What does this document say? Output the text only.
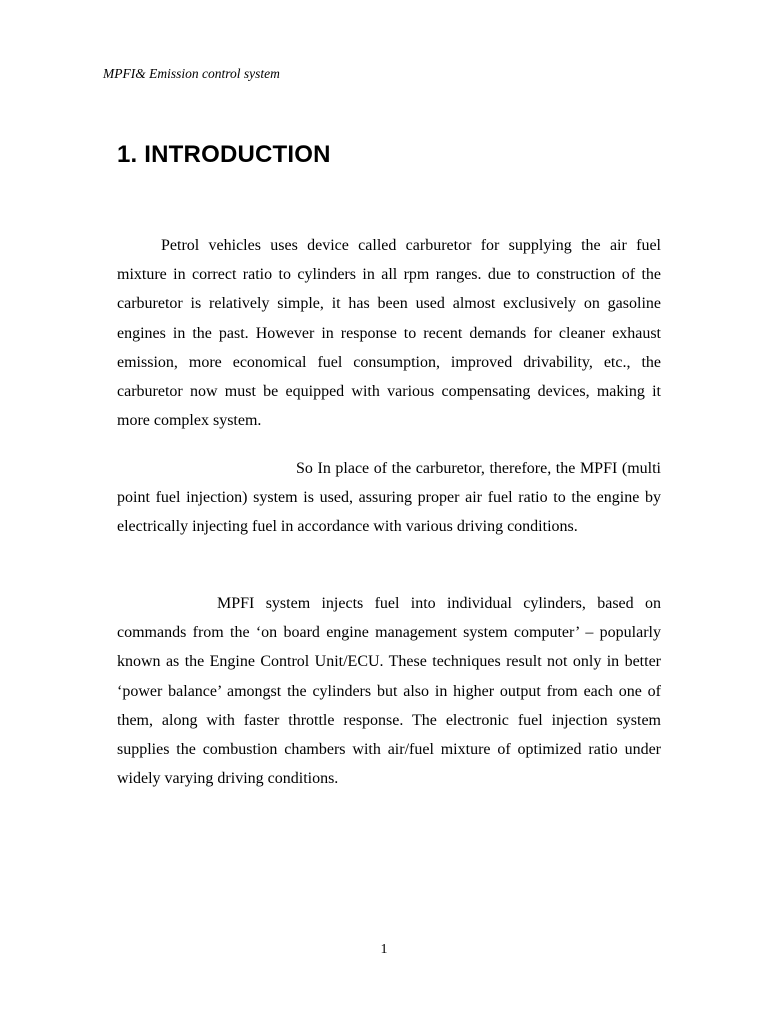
MPFI& Emission control system
1. INTRODUCTION

Petrol vehicles uses device called carburetor for supplying the air fuel mixture in correct ratio to cylinders in all rpm ranges. due to construction of the carburetor is relatively simple, it has been used almost exclusively on gasoline engines in the past. However in response to recent demands for cleaner exhaust emission, more economical fuel consumption, improved drivability, etc., the carburetor now must be equipped with various compensating devices, making it more complex system.

So In place of the carburetor, therefore, the MPFI (multi point fuel injection) system is used, assuring proper air fuel ratio to the engine by electrically injecting fuel in accordance with various driving conditions.

MPFI system injects fuel into individual cylinders, based on commands from the ‘on board engine management system computer’ – popularly known as the Engine Control Unit/ECU. These techniques result not only in better ‘power balance’ amongst the cylinders but also in higher output from each one of them, along with faster throttle response. The electronic fuel injection system supplies the combustion chambers with air/fuel mixture of optimized ratio under widely varying driving conditions.

1
